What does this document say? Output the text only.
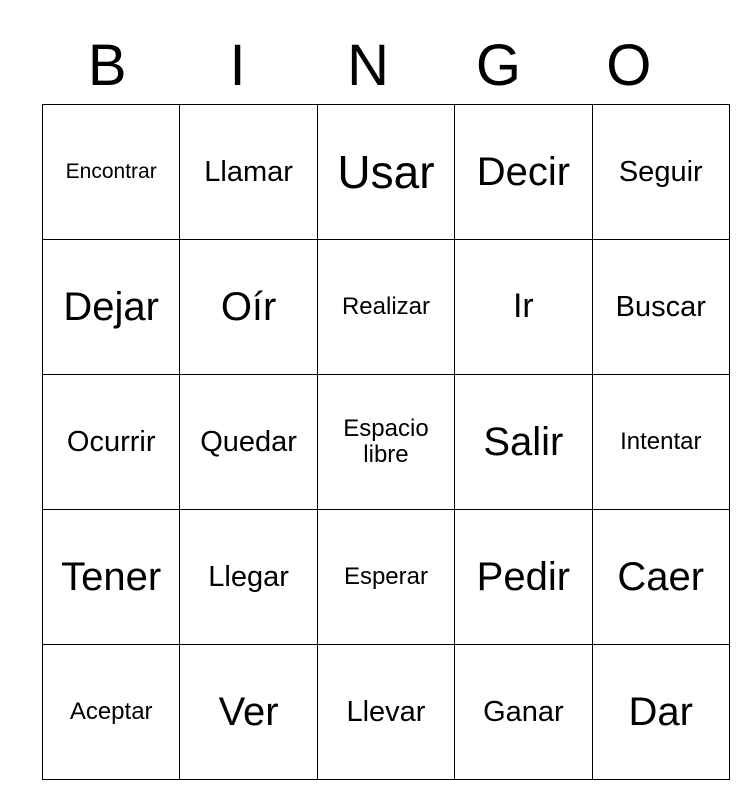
B	I	N	G	O
Encontrar	Llamar	Usar	Decir	Seguir

Dejar	Oír	Realizar	Ir	Buscar

Ocurrir	Quedar	Espacio libre	Salir	Intentar

Tener	Llegar	Esperar	Pedir	Caer

Aceptar	Ver	Llevar	Ganar	Dar
